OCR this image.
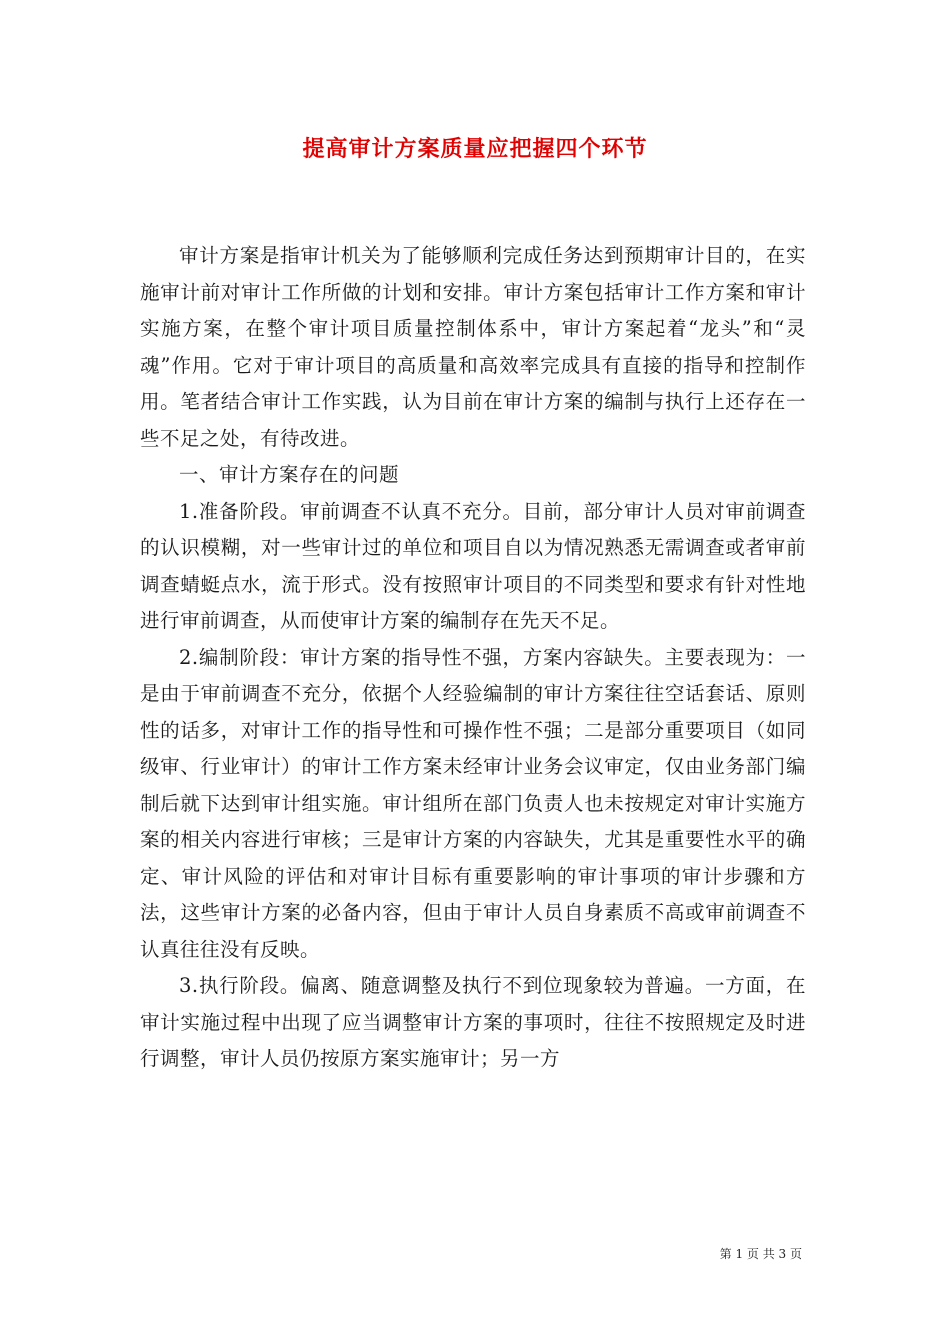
提高审计方案质量应把握四个环节

审计方案是指审计机关为了能够顺利完成任务达到预期审计目的，在实施审计前对审计工作所做的计划和安排。审计方案包括审计工作方案和审计实施方案，在整个审计项目质量控制体系中，审计方案起着“龙头”和“灵魂”作用。它对于审计项目的高质量和高效率完成具有直接的指导和控制作用。笔者结合审计工作实践，认为目前在审计方案的编制与执行上还存在一些不足之处，有待改进。

一、审计方案存在的问题

1.准备阶段。审前调查不认真不充分。目前，部分审计人员对审前调查的认识模糊，对一些审计过的单位和项目自以为情况熟悉无需调查或者审前调查蜻蜓点水，流于形式。没有按照审计项目的不同类型和要求有针对性地进行审前调查，从而使审计方案的编制存在先天不足。

2.编制阶段：审计方案的指导性不强，方案内容缺失。主要表现为：一是由于审前调查不充分，依据个人经验编制的审计方案往往空话套话、原则性的话多，对审计工作的指导性和可操作性不强；二是部分重要项目（如同级审、行业审计）的审计工作方案未经审计业务会议审定，仅由业务部门编制后就下达到审计组实施。审计组所在部门负责人也未按规定对审计实施方案的相关内容进行审核；三是审计方案的内容缺失，尤其是重要性水平的确定、审计风险的评估和对审计目标有重要影响的审计事项的审计步骤和方法，这些审计方案的必备内容，但由于审计人员自身素质不高或审前调查不认真往往没有反映。

3.执行阶段。偏离、随意调整及执行不到位现象较为普遍。一方面，在审计实施过程中出现了应当调整审计方案的事项时，往往不按照规定及时进行调整，审计人员仍按原方案实施审计；另一方

第 1 页 共 3 页
